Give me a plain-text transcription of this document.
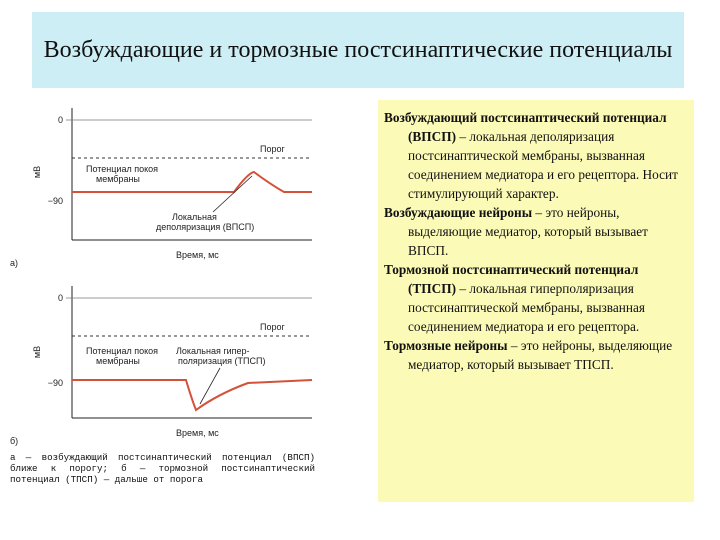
Возбуждающие и тормозные постсинаптические потенциалы
0
−90
мВ
Порог
Потенциал покоя
мембраны
Локальная
деполяризация (ВПСП)
Время, мс
а)
0
−90
мВ
Порог
Потенциал покоя
мембраны
Локальная гипер-
поляризация (ТПСП)
Время, мс
б)
а — возбуждающий постсинаптический потенциал (ВПСП) ближе к порогу; б — тормозной постсинаптический потенциал (ТПСП) — дальше от порога

Возбуждающий постсинаптический потенциал (ВПСП) – локальная деполяризация постсинаптической мембраны, вызванная соединением медиатора и его рецептора. Носит стимулирующий характер.

Возбуждающие нейроны – это нейроны, выделяющие медиатор, который вызывает ВПСП.

Тормозной постсинаптический потенциал (ТПСП) – локальная гиперполяризация постсинаптической мембраны, вызванная соединением медиатора и его рецептора.

Тормозные нейроны – это нейроны, выделяющие медиатор, который вызывает ТПСП.
